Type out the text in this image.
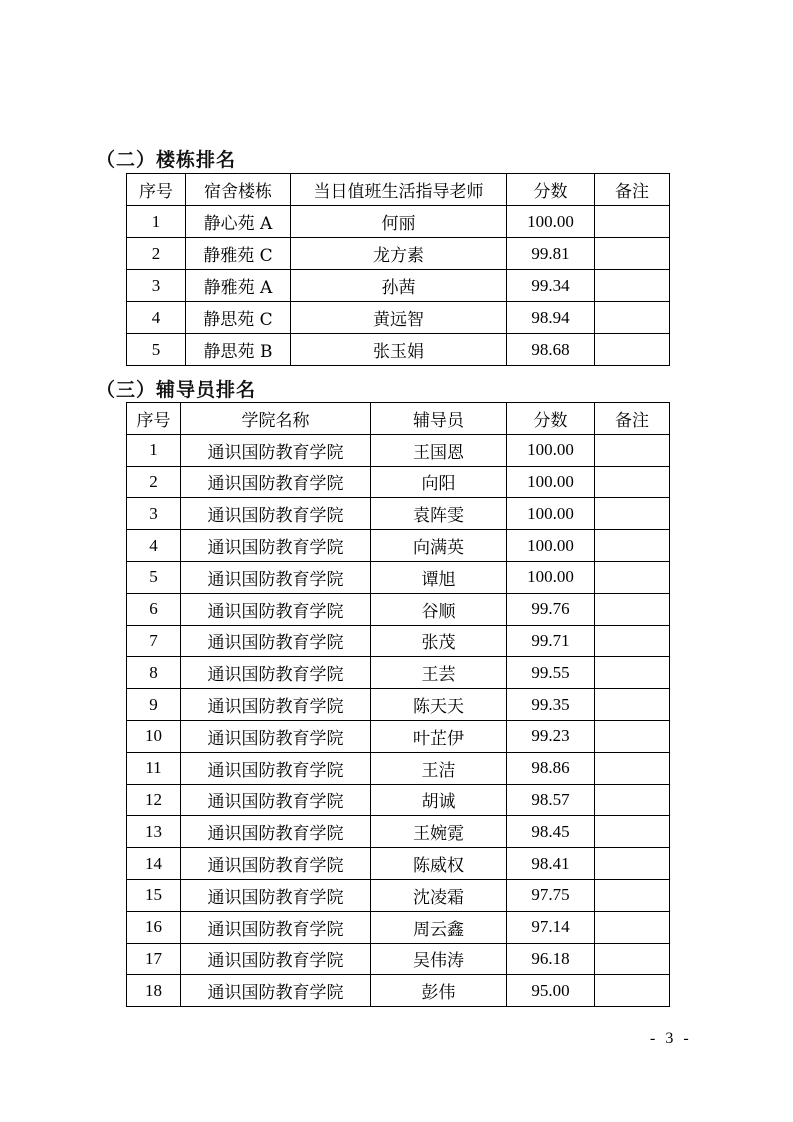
（二）楼栋排名
序号	宿舍楼栋	当日值班生活指导老师	分数	备注
1	静心苑 A	何丽	100.00	
2	静雅苑 C	龙方素	99.81	
3	静雅苑 A	孙茜	99.34	
4	静思苑 C	黄远智	98.94	
5	静思苑 B	张玉娟	98.68	
（三）辅导员排名
序号	学院名称	辅导员	分数	备注
1	通识国防教育学院	王国恩	100.00	
2	通识国防教育学院	向阳	100.00	
3	通识国防教育学院	袁阵雯	100.00	
4	通识国防教育学院	向满英	100.00	
5	通识国防教育学院	谭旭	100.00	
6	通识国防教育学院	谷顺	99.76	
7	通识国防教育学院	张茂	99.71	
8	通识国防教育学院	王芸	99.55	
9	通识国防教育学院	陈天天	99.35	
10	通识国防教育学院	叶芷伊	99.23	
11	通识国防教育学院	王洁	98.86	
12	通识国防教育学院	胡诚	98.57	
13	通识国防教育学院	王婉霓	98.45	
14	通识国防教育学院	陈威权	98.41	
15	通识国防教育学院	沈凌霜	97.75	
16	通识国防教育学院	周云鑫	97.14	
17	通识国防教育学院	吴伟涛	96.18	
18	通识国防教育学院	彭伟	95.00	
- 3 -
